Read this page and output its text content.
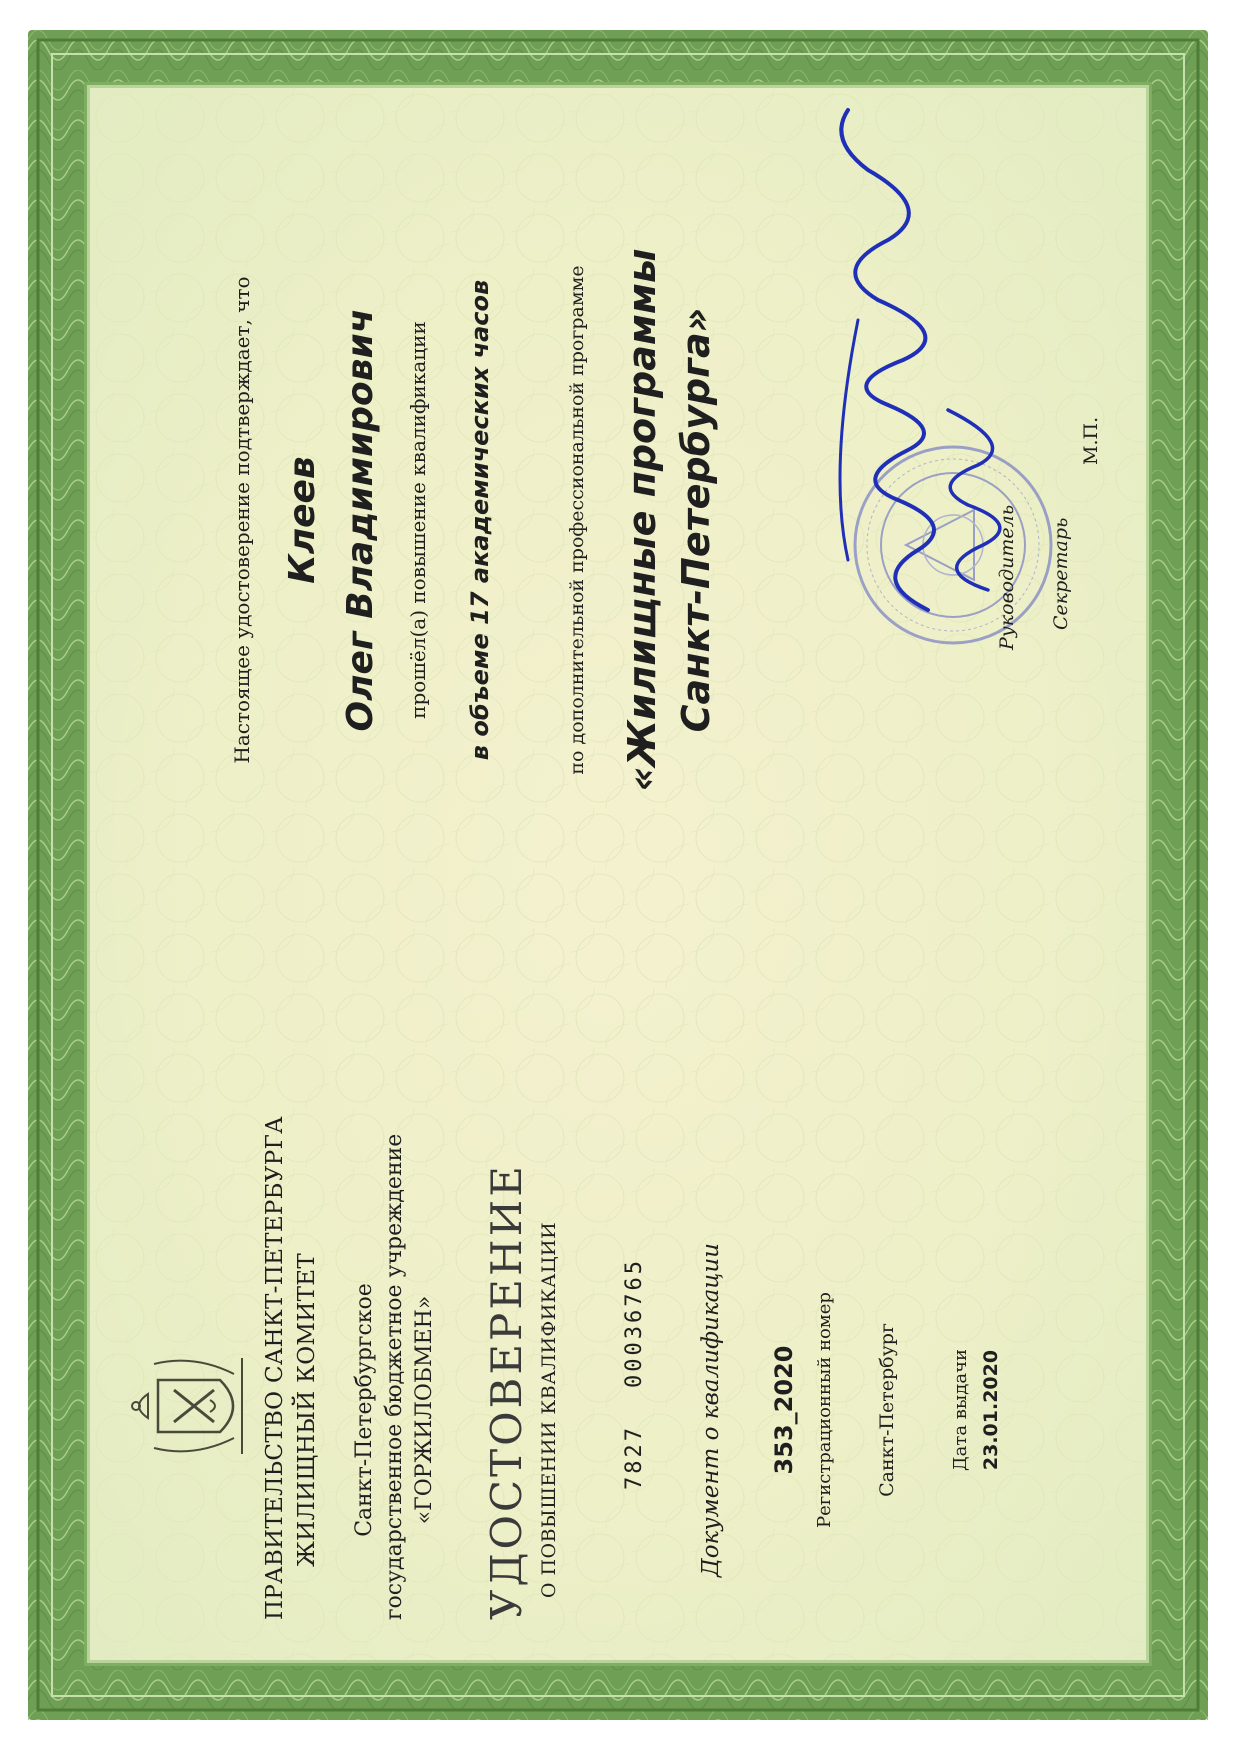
ПРАВИТЕЛЬСТВО САНКТ-ПЕТЕРБУРГА ЖИЛИЩНЫЙ КОМИТЕТ Санкт-Петербургское государственное бюджетное учреждение «ГОРЖИЛОБМЕН» УДОСТОВЕРЕНИЕ О ПОВЫШЕНИИ КВАЛИФИКАЦИИ	7827
00036765 Документ о квалификации 353_2020 Регистрационный номер Санкт-Петербург	Дата выдачи 23.01.2020
Настоящее удостоверение подтверждает, что Клеев Олег Владимирович прошёл(а) повышение квалификации в объеме 17 академических часов	по дополнительной профессиональной программе «Жилищные программы Санкт-Петербурга»	Руководитель Секретарь
М.П.
